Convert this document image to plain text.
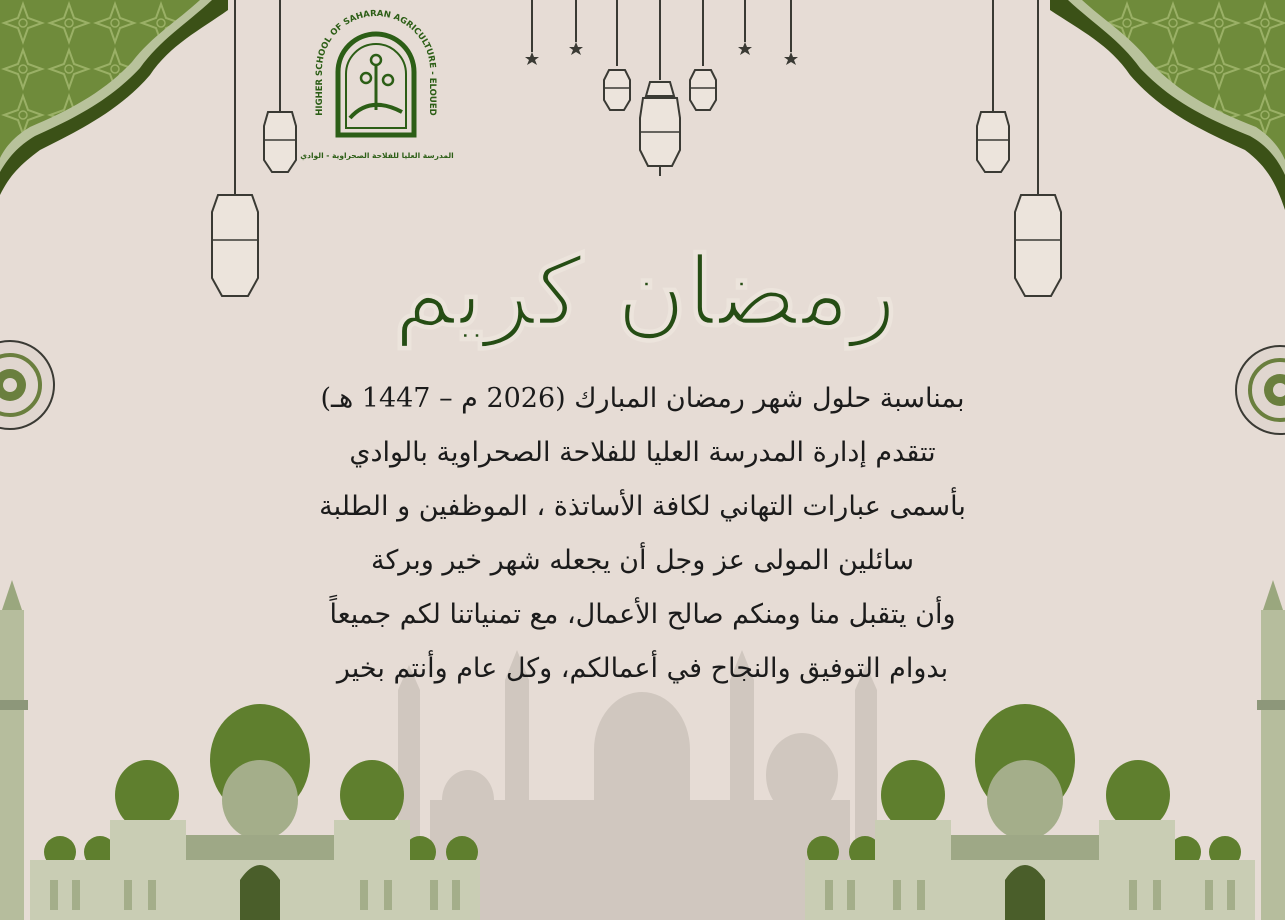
HIGHER SCHOOL OF SAHARAN AGRICULTURE - ELOUED
المدرسة العليا للفلاحة الصحراوية - الوادي
رمضان كريم
بمناسبة حلول شهر رمضان المبارك (2026 م – 1447 هـ)
تتقدم إدارة المدرسة العليا للفلاحة الصحراوية بالوادي
بأسمى عبارات التهاني لكافة الأساتذة ، الموظفين و الطلبة
سائلين المولى عز وجل أن يجعله شهر خير وبركة
وأن يتقبل منا ومنكم صالح الأعمال، مع تمنياتنا لكم جميعاً
بدوام التوفيق والنجاح في أعمالكم، وكل عام وأنتم بخير
